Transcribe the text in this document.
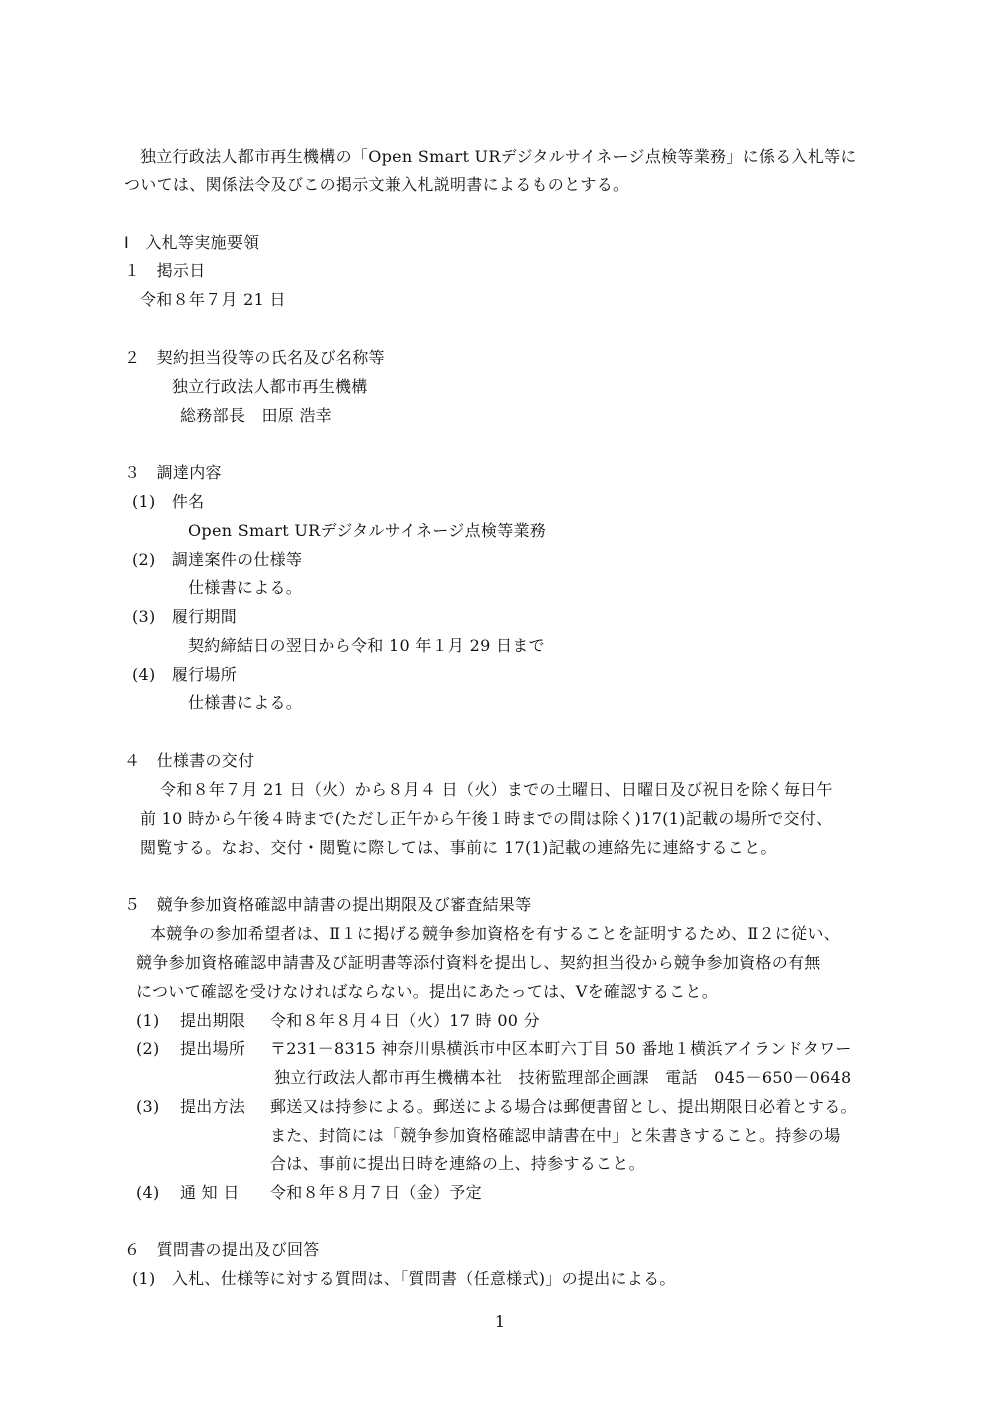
独立行政法人都市再生機構の「Open Smart URデジタルサイネージ点検等業務」に係る入札等に
ついては、関係法令及びこの掲示文兼入札説明書によるものとする。
Ⅰ　入札等実施要領
１　掲示日
令和８年７月 21 日
２　契約担当役等の氏名及び名称等
独立行政法人都市再生機構
総務部長　田原 浩幸
３　調達内容
(1)　件名
Open Smart URデジタルサイネージ点検等業務
(2)　調達案件の仕様等
仕様書による。
(3)　履行期間
契約締結日の翌日から令和 10 年１月 29 日まで
(4)　履行場所
仕様書による。
４　仕様書の交付
令和８年７月 21 日（火）から８月４ 日（火）までの土曜日、日曜日及び祝日を除く毎日午
前 10 時から午後４時まで(ただし正午から午後１時までの間は除く)17(1)記載の場所で交付、
閲覧する。なお、交付・閲覧に際しては、事前に 17(1)記載の連絡先に連絡すること。
５　競争参加資格確認申請書の提出期限及び審査結果等
本競争の参加希望者は、Ⅱ１に掲げる競争参加資格を有することを証明するため、Ⅱ２に従い、
競争参加資格確認申請書及び証明書等添付資料を提出し、契約担当役から競争参加資格の有無
について確認を受けなければならない。提出にあたっては、Ⅴを確認すること。
(1) 提出期限 令和８年８月４日（火）17 時 00 分
(2) 提出場所 〒231－8315 神奈川県横浜市中区本町六丁目 50 番地１横浜アイランドタワー
独立行政法人都市再生機構本社　技術監理部企画課　電話　045－650－0648
(3) 提出方法 郵送又は持参による。郵送による場合は郵便書留とし、提出期限日必着とする。
また、封筒には「競争参加資格確認申請書在中」と朱書きすること。持参の場
合は、事前に提出日時を連絡の上、持参すること。
(4) 通 知 日 令和８年８月７日（金）予定
６　質問書の提出及び回答
(1)　入札、仕様等に対する質問は、「質問書（任意様式)」の提出による。
1
